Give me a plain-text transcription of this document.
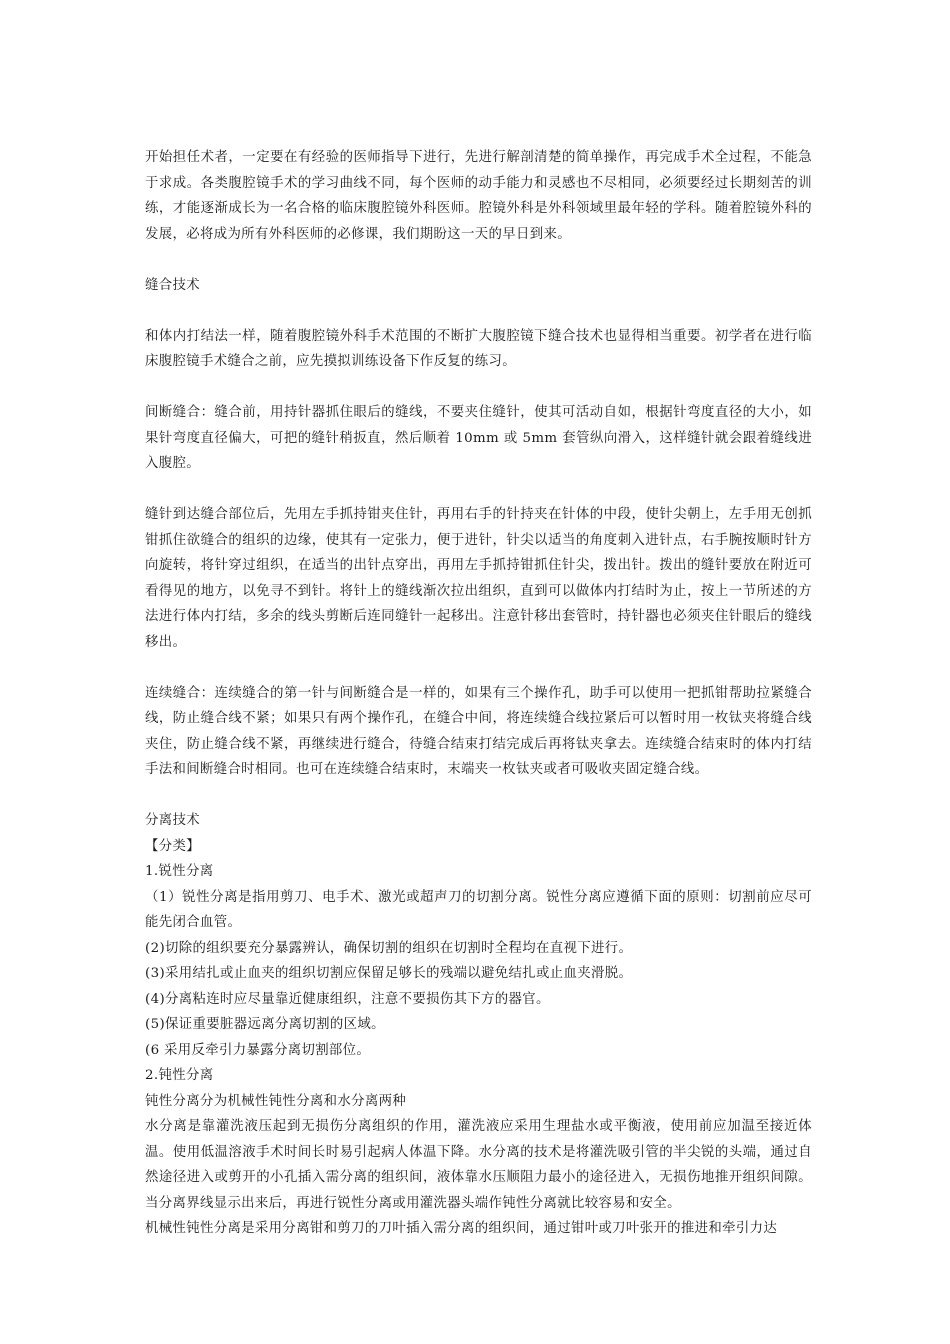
开始担任术者，一定要在有经验的医师指导下进行，先进行解剖清楚的简单操作，再完成手术全过程，不能急于求成。各类腹腔镜手术的学习曲线不同，每个医师的动手能力和灵感也不尽相同，必须要经过长期刻苦的训练，才能逐渐成长为一名合格的临床腹腔镜外科医师。腔镜外科是外科领域里最年轻的学科。随着腔镜外科的发展，必将成为所有外科医师的必修课，我们期盼这一天的早日到来。

缝合技术

和体内打结法一样，随着腹腔镜外科手术范围的不断扩大腹腔镜下缝合技术也显得相当重要。初学者在进行临床腹腔镜手术缝合之前，应先摸拟训练设备下作反复的练习。

间断缝合：缝合前，用持针器抓住眼后的缝线，不要夹住缝针，使其可活动自如，根据针弯度直径的大小，如果针弯度直径偏大，可把的缝针稍扳直，然后顺着 10mm 或 5mm 套管纵向滑入，这样缝针就会跟着缝线进入腹腔。

缝针到达缝合部位后，先用左手抓持钳夹住针，再用右手的针持夹在针体的中段，使针尖朝上，左手用无创抓钳抓住欲缝合的组织的边缘，使其有一定张力，便于进针，针尖以适当的角度刺入进针点，右手腕按顺时针方向旋转，将针穿过组织，在适当的出针点穿出，再用左手抓持钳抓住针尖，拨出针。拨出的缝针要放在附近可看得见的地方，以免寻不到针。将针上的缝线渐次拉出组织，直到可以做体内打结时为止，按上一节所述的方法进行体内打结，多余的线头剪断后连同缝针一起移出。注意针移出套管时，持针器也必须夹住针眼后的缝线移出。

连续缝合：连续缝合的第一针与间断缝合是一样的，如果有三个操作孔，助手可以使用一把抓钳帮助拉紧缝合线，防止缝合线不紧；如果只有两个操作孔，在缝合中间，将连续缝合线拉紧后可以暂时用一枚钛夹将缝合线夹住，防止缝合线不紧，再继续进行缝合，待缝合结束打结完成后再将钛夹拿去。连续缝合结束时的体内打结手法和间断缝合时相同。也可在连续缝合结束时，末端夹一枚钛夹或者可吸收夹固定缝合线。

分离技术

【分类】

1.锐性分离

（1）锐性分离是指用剪刀、电手术、激光或超声刀的切割分离。锐性分离应遵循下面的原则：切割前应尽可能先闭合血管。

(2)切除的组织要充分暴露辨认，确保切割的组织在切割时全程均在直视下进行。

(3)采用结扎或止血夹的组织切割应保留足够长的残端以避免结扎或止血夹滑脱。

(4)分离粘连时应尽量靠近健康组织，注意不要损伤其下方的器官。

(5)保证重要脏器远离分离切割的区域。

(6 采用反牵引力暴露分离切割部位。

2.钝性分离

钝性分离分为机械性钝性分离和水分离两种

水分离是靠灌洗液压起到无损伤分离组织的作用，灌洗液应采用生理盐水或平衡液，使用前应加温至接近体温。使用低温溶液手术时间长时易引起病人体温下降。水分离的技术是将灌洗吸引管的半尖锐的头端，通过自然途径进入或剪开的小孔插入需分离的组织间，液体靠水压顺阻力最小的途径进入，无损伤地推开组织间隙。当分离界线显示出来后，再进行锐性分离或用灌洗器头端作钝性分离就比较容易和安全。

机械性钝性分离是采用分离钳和剪刀的刀叶插入需分离的组织间，通过钳叶或刀叶张开的推进和牵引力达
